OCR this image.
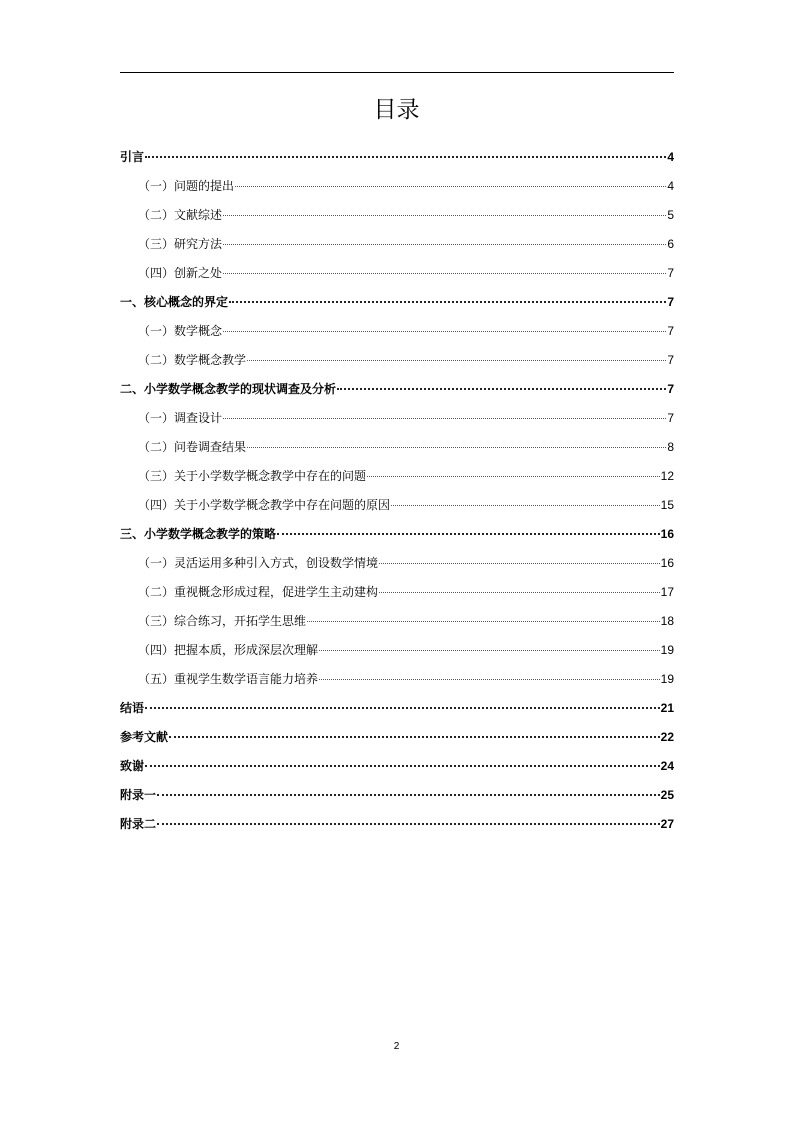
目录
引言	4
（一）问题的提出	4
（二）文献综述	5
（三）研究方法	6
（四）创新之处	7
一、核心概念的界定	7
（一）数学概念	7
（二）数学概念教学	7
二、小学数学概念教学的现状调查及分析	7
（一）调查设计	7
（二）问卷调查结果	8
（三）关于小学数学概念教学中存在的问题	12
（四）关于小学数学概念教学中存在问题的原因	15
三、小学数学概念教学的策略	16
（一）灵活运用多种引入方式，创设数学情境	16
（二）重视概念形成过程，促进学生主动建构	17
（三）综合练习，开拓学生思维	18
（四）把握本质，形成深层次理解	19
（五）重视学生数学语言能力培养	19
结语	21
参考文献	22
致谢	24
附录一	25
附录二	27
2
